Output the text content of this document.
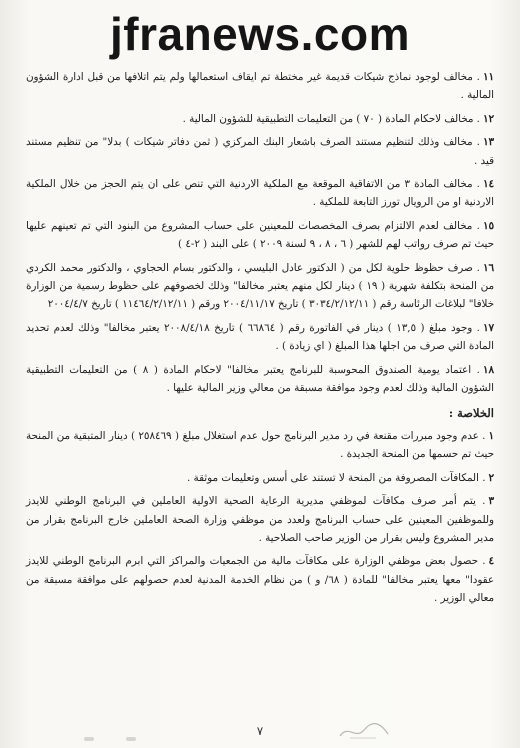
jfranews.com
١١. مخالف لوجود نماذج شيكات قديمة غير مختطة تم ايقاف استعمالها ولم يتم اتلافها من قبل ادارة الشؤون المالية .
١٢. مخالف لاحكام المادة ( ٧٠ ) من التعليمات التطبيقية للشؤون المالية .
١٣. مخالف وذلك لتنظيم مستند الصرف باشعار البنك المركزي ( ثمن دفاتر شيكات ) بدلا" من تنظيم مستند قيد .
١٤. مخالف المادة ٣ من الاتفاقية الموقعة مع الملكية الاردنية التي تنص على ان يتم الحجز من خلال الملكية الاردنية او من الرويال تورز التابعة للملكية .
١٥. مخالف لعدم الالتزام بصرف المخصصات للمعينين على حساب المشروع من البنود التي تم تعينهم عليها حيث تم صرف رواتب لهم للشهر ( ٦ ، ٨ ، ٩ لسنة ٢٠٠٩ ) على البند ( ٢-٤ )
١٦. صرف حظوظ حلوية لكل من ( الدكتور عادل البليسي ، والدكتور بسام الحجاوي ، والدكتور محمد الكردي من المنحة بتكلفة شهرية ( ١٩ ) دينار لكل منهم يعتبر مخالفا" وذلك لخصوفهم على حظوط رسمية من الوزارة خلافا" لبلاغات الرئاسة رقم ( ٣٠٣٤/٢/١٢/١١ ) تاريخ ٢٠٠٤/١١/١٧ ورقم ( ١١٤٦٤/٢/١٢/١١ ) تاريخ ٢٠٠٤/٤/٧
١٧. وجود مبلغ ( ١٣,٥ ) دينار في الفاتورة رقم ( ٦٦٨٦٤ ) تاريخ ٢٠٠٨/٤/١٨ يعتبر مخالفا" وذلك لعدم تحديد المادة التي صرف من اجلها هذا المبلغ ( اي زيادة ) .
١٨. اعتماد يومية الصندوق المحوسبة للبرنامج يعتبر مخالفا" لاحكام المادة ( ٨ ) من التعليمات التطبيقية الشؤون المالية وذلك لعدم وجود موافقة مسبقة من معالي وزير المالية عليها .
الخلاصة :
١. عدم وجود مبررات مقنعة في رد مدير البرنامج حول عدم استغلال مبلغ ( ٢٥٨٤٦٩ ) دينار المتبقية من المنحة حيث تم حسمها من المنحة الجديدة .
٢. المكافآت المصروفة من المنحة لا تستند على أسس وتعليمات موثقة .
٣. يتم أمر صرف مكافآت لموظفي مديرية الرعاية الصحية الاولية العاملين في البرنامج الوطني للايدز وللموظفين المعينين على حساب البرنامج ولعدد من موظفي وزارة الصحة العاملين خارج البرنامج بقرار من مدير المشروع وليس بقرار من الوزير صاحب الصلاحية .
٤. حصول بعض موظفي الوزارة على مكافآت مالية من الجمعيات والمراكز التي ابرم البرنامج الوطني للايدز عقودا" معها يعتبر مخالفا" للمادة ( ٦٨/ و ) من نظام الخدمة المدنية لعدم حصولهم على موافقة مسبقة من معالي الوزير .
٧
